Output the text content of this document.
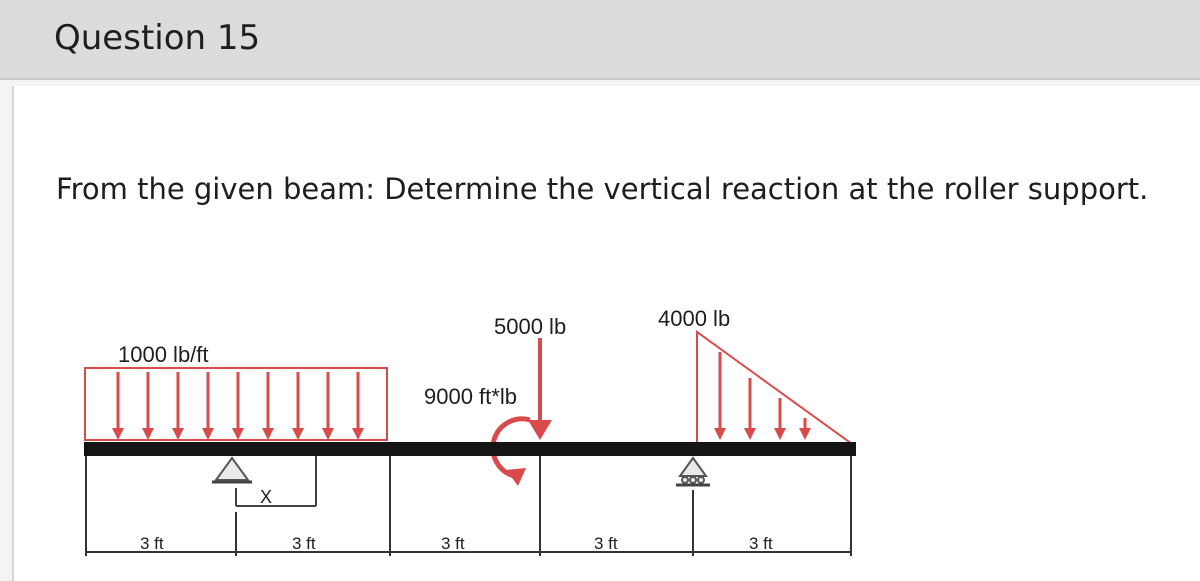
Question 15
From the given beam: Determine the vertical reaction at the roller support.
1000 lb/ft
5000 lb
9000 ft*lb
4000 lb
X
3 ft	3 ft	3 ft	3 ft	3 ft
